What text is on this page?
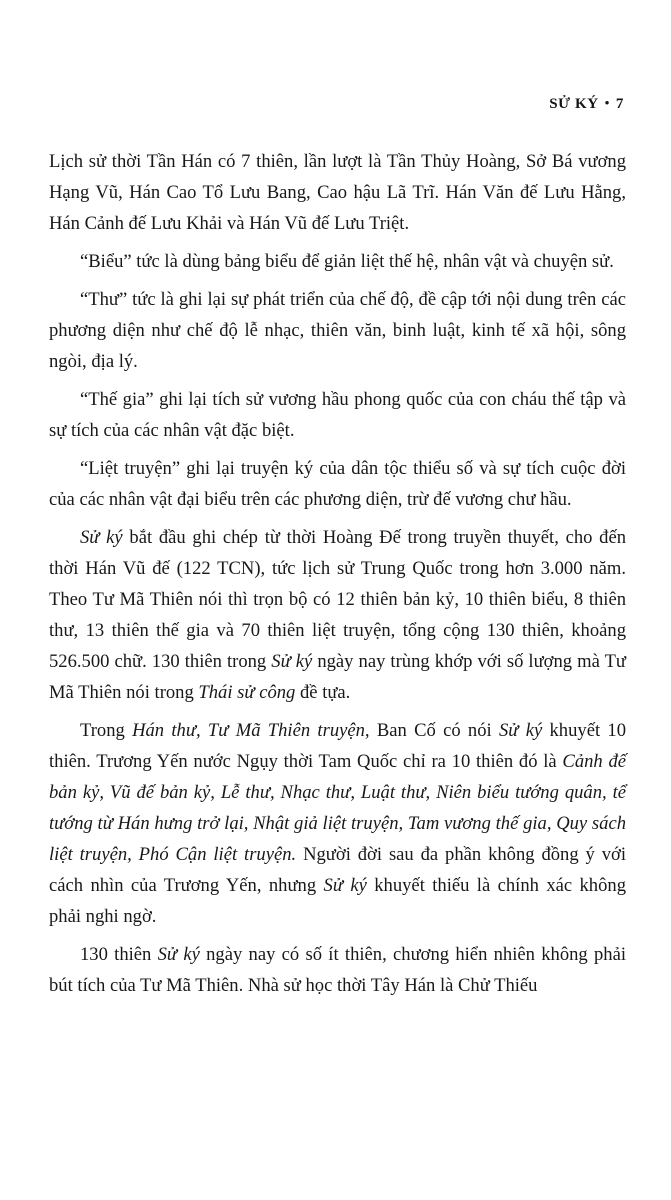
SỬ KÝ • 7

Lịch sử thời Tần Hán có 7 thiên, lần lượt là Tần Thủy Hoàng, Sở Bá vương Hạng Vũ, Hán Cao Tổ Lưu Bang, Cao hậu Lã Trĩ. Hán Văn đế Lưu Hằng, Hán Cảnh đế Lưu Khải và Hán Vũ đế Lưu Triệt.

“Biểu” tức là dùng bảng biểu để giản liệt thế hệ, nhân vật và chuyện sử.

“Thư” tức là ghi lại sự phát triển của chế độ, đề cập tới nội dung trên các phương diện như chế độ lễ nhạc, thiên văn, binh luật, kinh tế xã hội, sông ngòi, địa lý.

“Thế gia” ghi lại tích sử vương hầu phong quốc của con cháu thế tập và sự tích của các nhân vật đặc biệt.

“Liệt truyện” ghi lại truyện ký của dân tộc thiểu số và sự tích cuộc đời của các nhân vật đại biểu trên các phương diện, trừ đế vương chư hầu.

Sử ký bắt đầu ghi chép từ thời Hoàng Đế trong truyền thuyết, cho đến thời Hán Vũ đế (122 TCN), tức lịch sử Trung Quốc trong hơn 3.000 năm. Theo Tư Mã Thiên nói thì trọn bộ có 12 thiên bản kỷ, 10 thiên biểu, 8 thiên thư, 13 thiên thế gia và 70 thiên liệt truyện, tổng cộng 130 thiên, khoảng 526.500 chữ. 130 thiên trong Sử ký ngày nay trùng khớp với số lượng mà Tư Mã Thiên nói trong Thái sử công đề tựa.

Trong Hán thư, Tư Mã Thiên truyện, Ban Cố có nói Sử ký khuyết 10 thiên. Trương Yến nước Ngụy thời Tam Quốc chỉ ra 10 thiên đó là Cảnh đế bản kỷ, Vũ đế bản kỷ, Lễ thư, Nhạc thư, Luật thư, Niên biểu tướng quân, tể tướng từ Hán hưng trở lại, Nhật giả liệt truyện, Tam vương thế gia, Quy sách liệt truyện, Phó Cận liệt truyện. Người đời sau đa phần không đồng ý với cách nhìn của Trương Yến, nhưng Sử ký khuyết thiếu là chính xác không phải nghi ngờ.

130 thiên Sử ký ngày nay có số ít thiên, chương hiển nhiên không phải bút tích của Tư Mã Thiên. Nhà sử học thời Tây Hán là Chử Thiếu
